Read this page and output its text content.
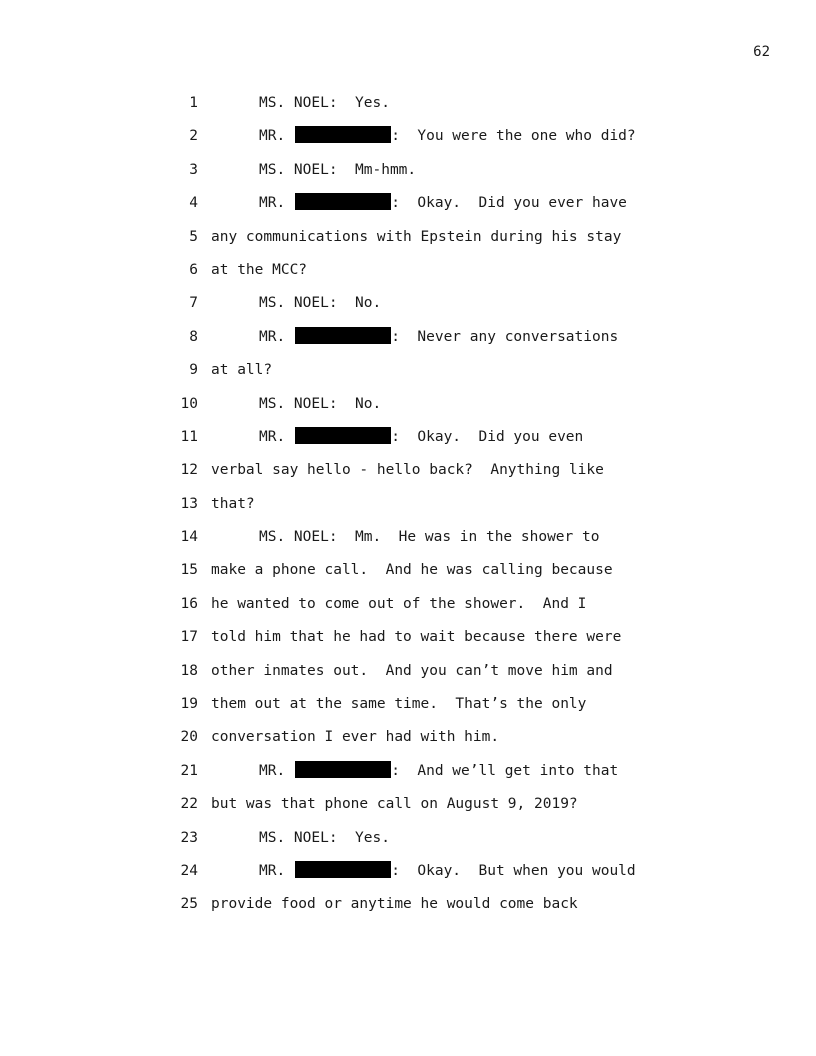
62
1	MS. NOEL:  Yes.
2	MR.	:  You were the one who did?
3	MS. NOEL:  Mm-hmm.
4	MR.	:  Okay.  Did you ever have
5 any communications with Epstein during his stay
6 at the MCC?
7	MS. NOEL:  No.
8	MR.	:  Never any conversations
9 at all?
10	MS. NOEL:  No.
11	MR.	:  Okay.  Did you even
12 verbal say hello - hello back?  Anything like
13 that?
14	MS. NOEL:  Mm.  He was in the shower to
15 make a phone call.  And he was calling because
16 he wanted to come out of the shower.  And I
17 told him that he had to wait because there were
18 other inmates out.  And you can’t move him and
19 them out at the same time.  That’s the only
20 conversation I ever had with him.
21	MR.	:  And we’ll get into that
22 but was that phone call on August 9, 2019?
23	MS. NOEL:  Yes.
24	MR.	:  Okay.  But when you would
25 provide food or anytime he would come back
